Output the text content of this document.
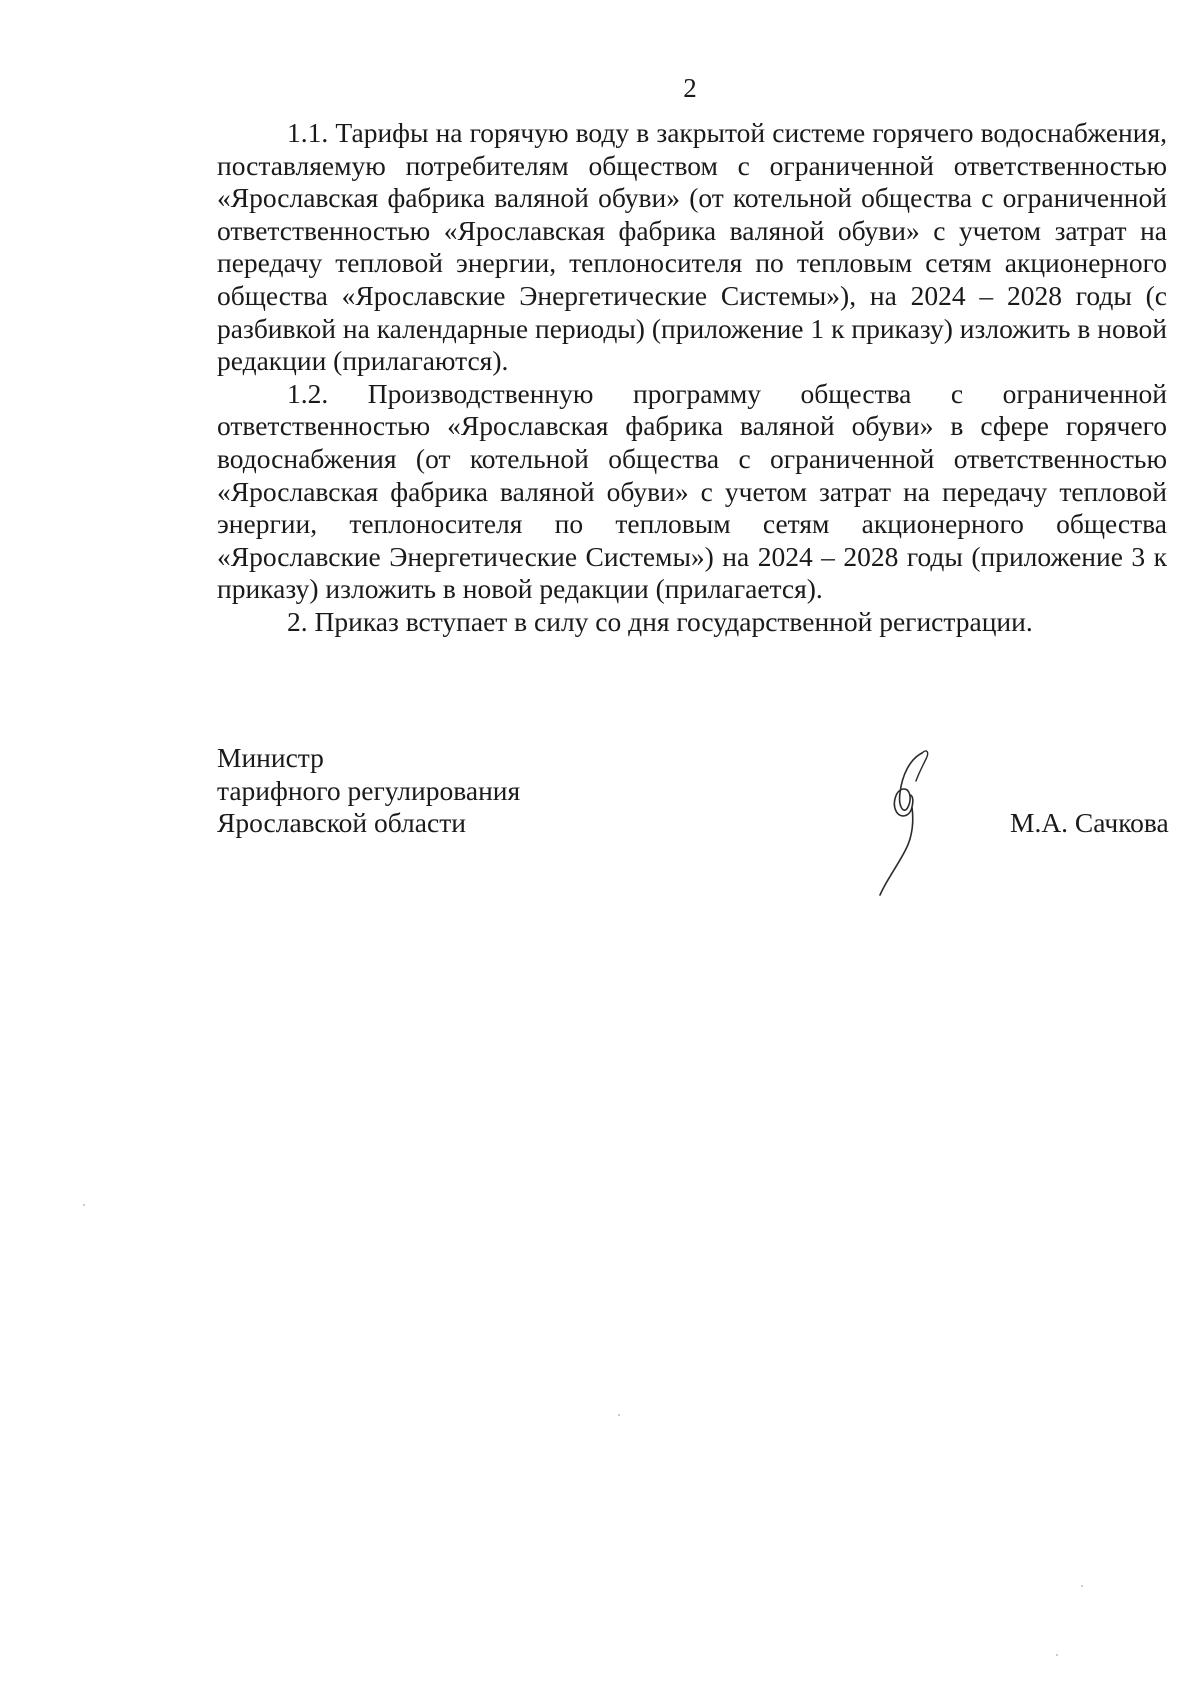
2

1.1. Тарифы на горячую воду в закрытой системе горячего водоснабжения, поставляемую потребителям обществом с ограниченной ответственностью «Ярославская фабрика валяной обуви» (от котельной общества с ограниченной ответственностью «Ярославская фабрика валяной обуви» с учетом затрат на передачу тепловой энергии, теплоносителя по тепловым сетям акционерного общества «Ярославские Энергетические Системы»), на 2024 – 2028 годы (с разбивкой на календарные периоды) (приложение 1 к приказу) изложить в новой редакции (прилагаются).

1.2. Производственную программу общества с ограниченной ответственностью «Ярославская фабрика валяной обуви» в сфере горячего водоснабжения (от котельной общества с ограниченной ответственностью «Ярославская фабрика валяной обуви» с учетом затрат на передачу тепловой энергии, теплоносителя по тепловым сетям акционерного общества «Ярославские Энергетические Системы») на 2024 – 2028 годы (приложение 3 к приказу) изложить в новой редакции (прилагается).

2. Приказ вступает в силу со дня государственной регистрации.

Министр
тарифного регулирования
Ярославской области	М.А. Сачкова
